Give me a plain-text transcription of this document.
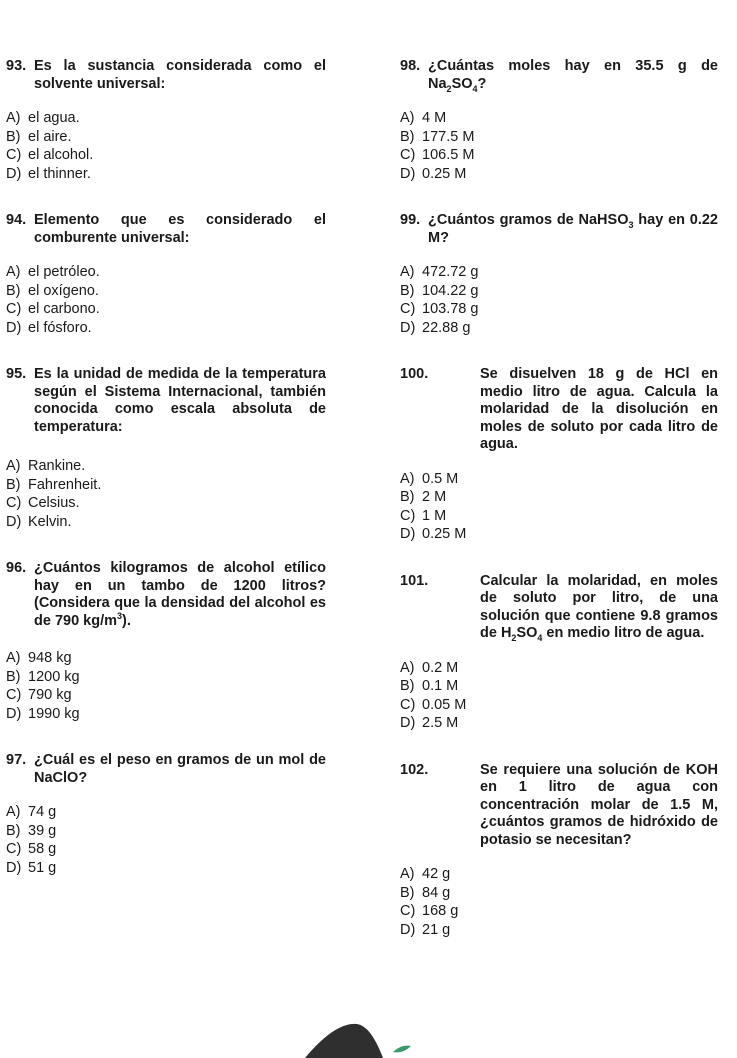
93. Es la sustancia considerada como el solvente universal:
A) el agua.
B) el aire.
C) el alcohol.
D) el thinner.
94. Elemento que es considerado el comburente universal:
A) el petróleo.
B) el oxígeno.
C) el carbono.
D) el fósforo.
95. Es la unidad de medida de la temperatura según el Sistema Internacional, también conocida como escala absoluta de temperatura:
A) Rankine.
B) Fahrenheit.
C) Celsius.
D) Kelvin.
96. ¿Cuántos kilogramos de alcohol etílico hay en un tambo de 1200 litros? (Considera que la densidad del alcohol es de 790 $kg/m^3$).
A) 948 kg
B) 1200 kg
C) 790 kg
D) 1990 kg
97. ¿Cuál es el peso en gramos de un mol de NaClO?
A) 74 g
B) 39 g
C) 58 g
D) 51 g
98. ¿Cuántas moles hay en 35.5 g de $Na_2SO_4$?
A) 4 M
B) 177.5 M
C) 106.5 M
D) 0.25 M
99. ¿Cuántos gramos de NaHSO$_3$ hay en 0.22 M?
A) 472.72 g
B) 104.22 g
C) 103.78 g
D) 22.88 g
100.	Se disuelven 18 g de HCl en medio litro de agua. Calcula la molaridad de la disolución en moles de soluto por cada litro de agua.
A) 0.5 M
B) 2 M
C) 1 M
D) 0.25 M
101.	Calcular la molaridad, en moles de soluto por litro, de una solución que contiene 9.8 gramos de $H_2SO_4$ en medio litro de agua.
A) 0.2 M
B) 0.1 M
C) 0.05 M
D) 2.5 M
102.	Se requiere una solución de KOH en 1 litro de agua con concentración molar de 1.5 M, ¿cuántos gramos de hidróxido de potasio se necesitan?
A) 42 g
B) 84 g
C) 168 g
D) 21 g
